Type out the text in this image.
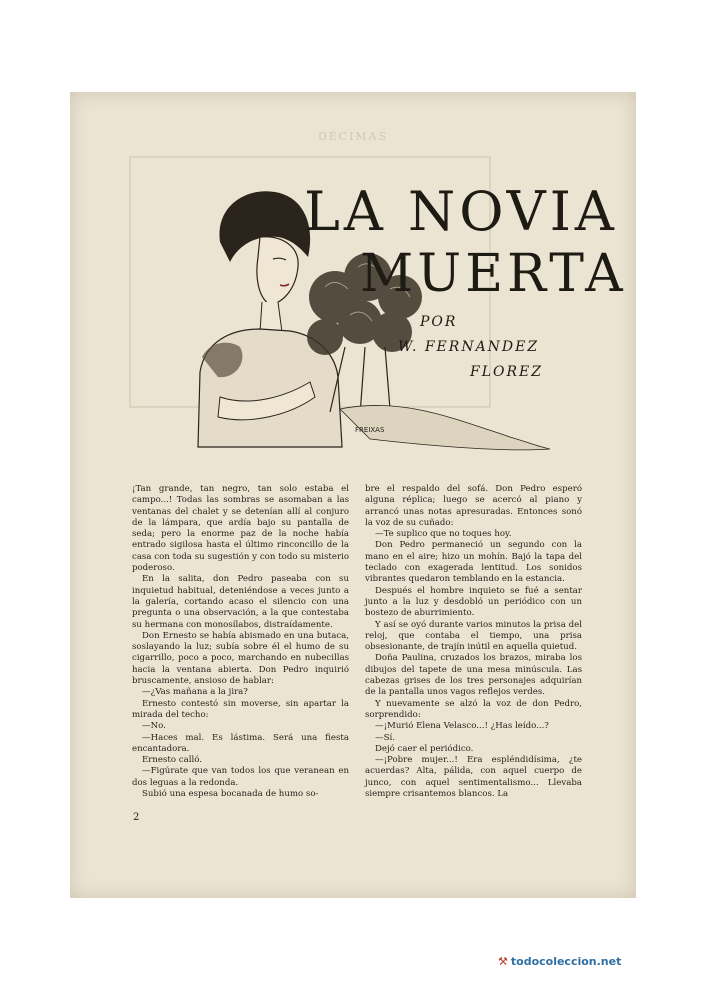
DECIMAS
FREIXAS
LA NOVIA
MUERTA
POR
W. FERNANDEZ
FLOREZ

¡Tan grande, tan negro, tan solo estaba el campo...! Todas las sombras se asomaban a las ventanas del chalet y se detenían allí al conjuro de la lámpara, que ardía bajo su pantalla de seda; pero la enorme paz de la noche había entrado sigilosa hasta el último rinconcillo de la casa con toda su sugestión y con todo su misterio poderoso.

En la salita, don Pedro paseaba con su inquietud habitual, deteniéndose a veces junto a la galería, cortando acaso el silencio con una pregunta o una observación, a la que contestaba su hermana con monosílabos, distraídamente.

Don Ernesto se había abismado en una butaca, soslayando la luz; subía sobre él el humo de su cigarrillo, poco a poco, marchando en nubecillas hacia la ventana abierta. Don Pedro inquirió bruscamente, ansioso de hablar:

—¿Vas mañana a la jira?

Ernesto contestó sin moverse, sin apartar la mirada del techo:

—No.

—Haces mal. Es lástima. Será una fiesta encantadora.

Ernesto calló.

—Figúrate que van todos los que veranean en dos leguas a la redonda.

Subió una espesa bocanada de humo so-

bre el respaldo del sofá. Don Pedro esperó alguna réplica; luego se acercó al piano y arrancó unas notas apresuradas. Entonces sonó la voz de su cuñado:

—Te suplico que no toques hoy.

Don Pedro permaneció un segundo con la mano en el aire; hizo un mohín. Bajó la tapa del teclado con exagerada lentitud. Los sonidos vibrantes quedaron temblando en la estancia.

Después el hombre inquieto se fué a sentar junto a la luz y desdobló un periódico con un bostezo de aburrimiento.

Y así se oyó durante varios minutos la prisa del reloj, que contaba el tiempo, una prisa obsesionante, de trajín inútil en aquella quietud.

Doña Paulina, cruzados los brazos, miraba los dibujos del tapete de una mesa minúscula. Las cabezas grises de los tres personajes adquirían de la pantalla unos vagos reflejos verdes.

Y nuevamente se alzó la voz de don Pedro, sorprendido:

—¡Murió Elena Velasco...! ¿Has leído...?

—Sí.

Dejó caer el periódico.

—¡Pobre mujer...! Era espléndidísima, ¿te acuerdas? Alta, pálida, con aquel cuerpo de junco, con aquel sentimentalismo... Llevaba siempre crisantemos blancos. La

2
⚒ todocoleccion.net
